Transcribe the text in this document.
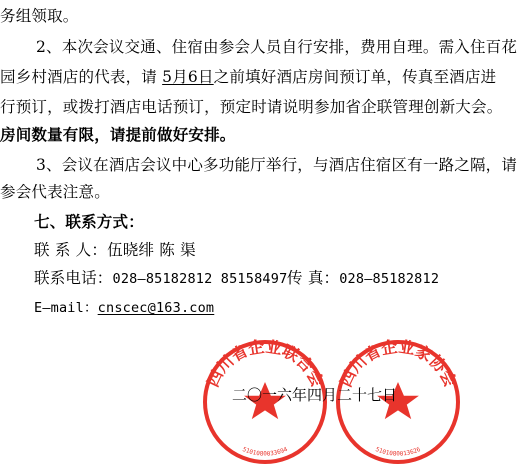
务组领取。
2、本次会议交通、住宿由参会人员自行安排，费用自理。需入住百花
园乡村酒店的代表，请 5月6日之前填好酒店房间预订单，传真至酒店进
行预订，或拨打酒店电话预订，预定时请说明参加省企联管理创新大会。
房间数量有限，请提前做好安排。
3、会议在酒店会议中心多功能厅举行，与酒店住宿区有一路之隔，请
参会代表注意。
七、联系方式：
联 系 人：伍晓绯 陈 渠
联系电话：028—85182812 85158497 传 真：028—85182812
E—mail：cnscec@163.com
四川省企业联合会
5101080033694
四川省企业家协会
5101080013626
二〇一六年四月二十七日
